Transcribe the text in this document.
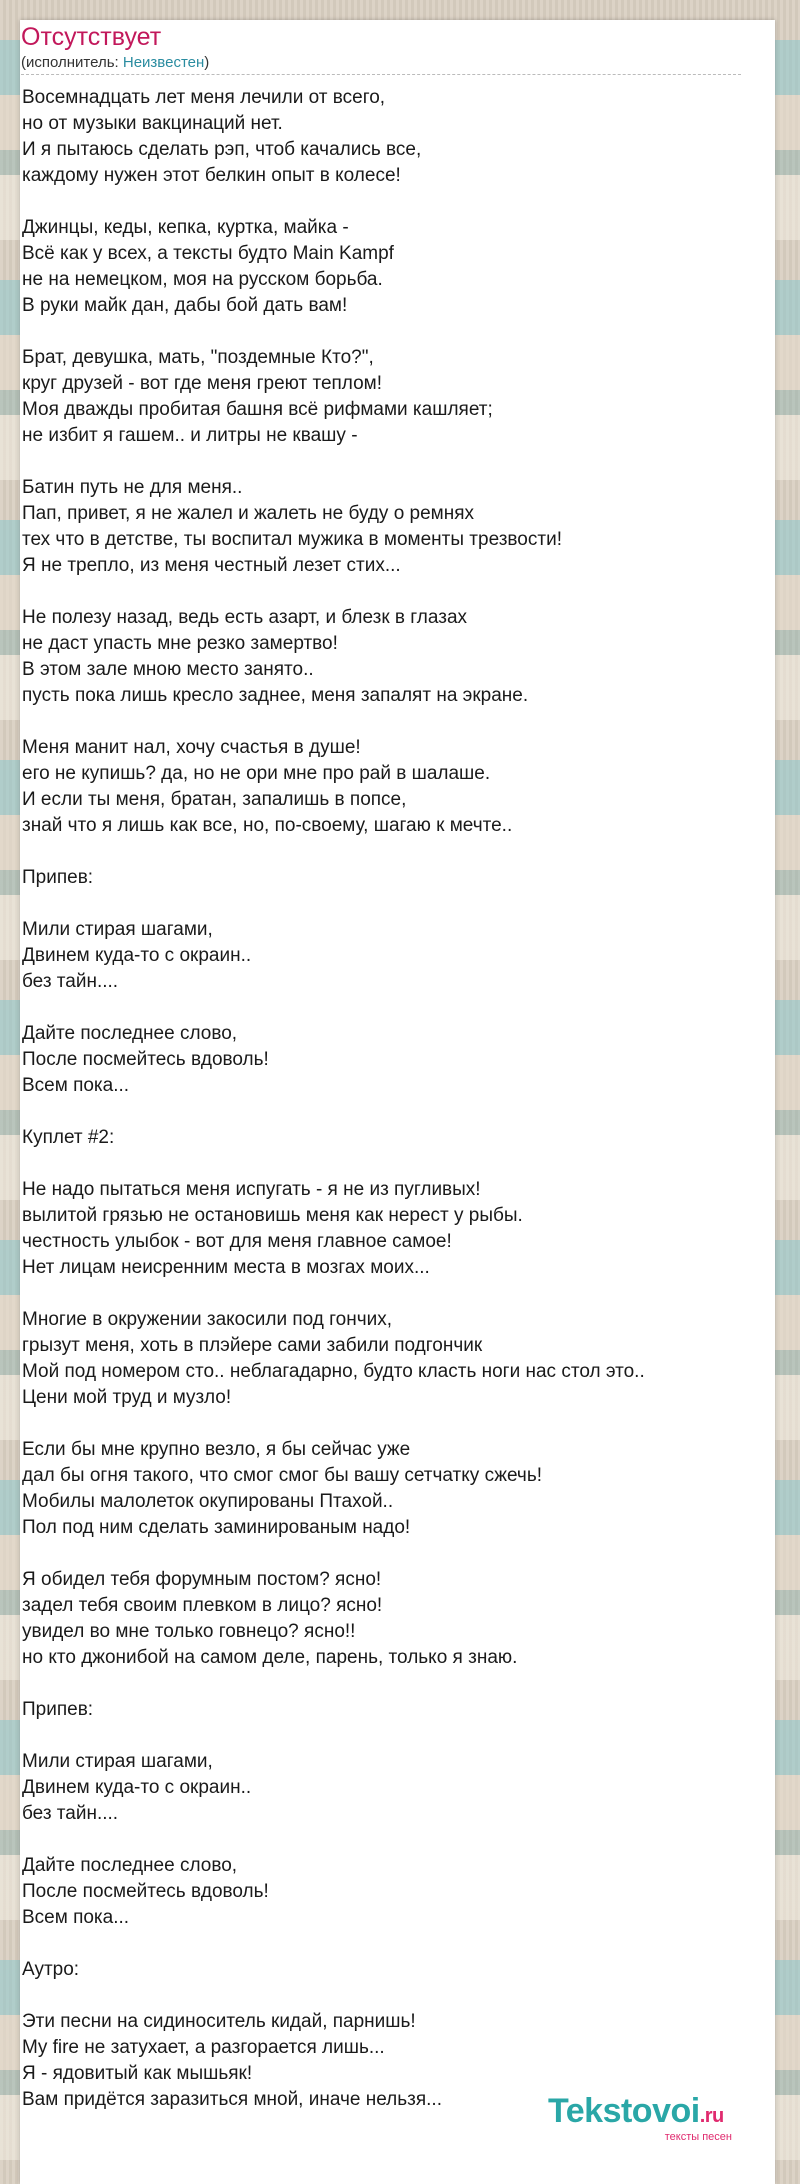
Отсутствует
(исполнитель: Неизвестен)
Восемнадцать лет меня лечили от всего,
но от музыки вакцинаций нет.
И я пытаюсь сделать рэп, чтоб качались все,
каждому нужен этот белкин опыт в колесе!
Джинцы, кеды, кепка, куртка, майка -
Всё как у всех, а тексты будто Main Kampf
не на немецком, моя на русском борьба.
В руки майк дан, дабы бой дать вам!
Брат, девушка, мать, "поздемные Кто?",
круг друзей - вот где меня греют теплом!
Моя дважды пробитая башня всё рифмами кашляет;
не избит я гашем.. и литры не квашу -
Батин путь не для меня..
Пап, привет, я не жалел и жалеть не буду о ремнях
тех что в детстве, ты воспитал мужика в моменты трезвости!
Я не трепло, из меня честный лезет стих...
Не полезу назад, ведь есть азарт, и блезк в глазах
не даст упасть мне резко замертво!
В этом зале мною место занято..
пусть пока лишь кресло заднее, меня запалят на экране.
Меня манит нал, хочу счастья в душе!
его не купишь? да, но не ори мне про рай в шалаше.
И если ты меня, братан, запалишь в попсе,
знай что я лишь как все, но, по-своему, шагаю к мечте..
Припев:
Мили стирая шагами,
Двинем куда-то с окраин..
без тайн....
Дайте последнее слово,
После посмейтесь вдоволь!
Всем пока...
Куплет #2:
Не надо пытаться меня испугать - я не из пугливых!
вылитой грязью не остановишь меня как нерест у рыбы.
честность улыбок - вот для меня главное самое!
Нет лицам неисренним места в мозгах моих...
Многие в окружении закосили под гончих,
грызут меня, хоть в плэйере сами забили подгончик
Мой под номером сто.. неблагадарно, будто класть ноги нас стол это..
Цени мой труд и музло!
Если бы мне крупно везло, я бы сейчас уже
дал бы огня такого, что смог смог бы вашу сетчатку сжечь!
Мобилы малолеток окупированы Птахой..
Пол под ним сделать заминированым надо!
Я обидел тебя форумным постом? ясно!
задел тебя своим плевком в лицо? ясно!
увидел во мне только говнецо? ясно!!
но кто джонибой на самом деле, парень, только я знаю.
Припев:
Мили стирая шагами,
Двинем куда-то с окраин..
без тайн....
Дайте последнее слово,
После посмейтесь вдоволь!
Всем пока...
Аутро:
Эти песни на сидиноситель кидай, парнишь!
My fire не затухает, а разгорается лишь...
Я - ядовитый как мышьяк!
Вам придётся заразиться мной, иначе нельзя...	Tekstovoi.ru
тексты песен
